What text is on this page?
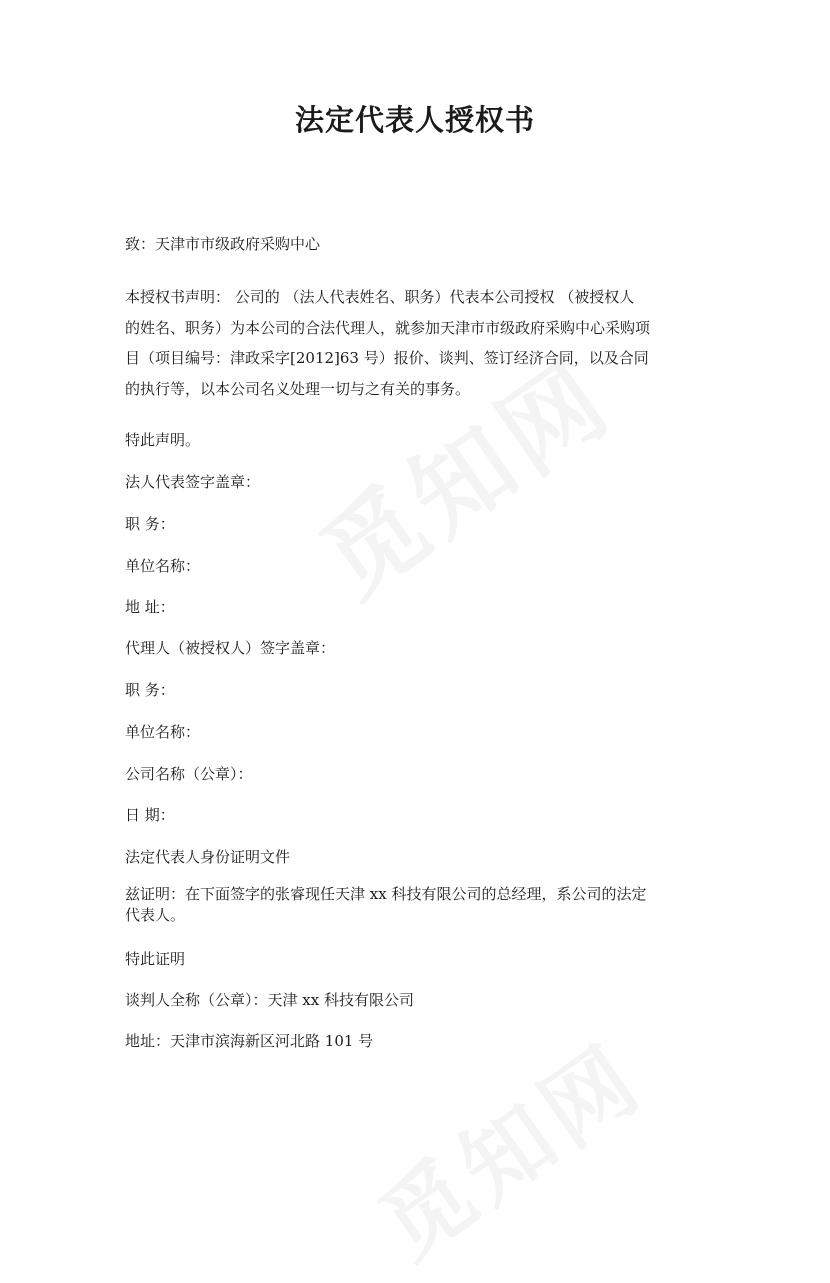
法定代表人授权书

致：天津市市级政府采购中心

本授权书声明： 公司的 （法人代表姓名、职务）代表本公司授权 （被授权人
的姓名、职务）为本公司的合法代理人，就参加天津市市级政府采购中心采购项
目（项目编号：津政采字[2012]63 号）报价、谈判、签订经济合同，以及合同
的执行等，以本公司名义处理一切与之有关的事务。

特此声明。

法人代表签字盖章：

职 务：

单位名称：

地 址：

代理人（被授权人）签字盖章：

职 务：

单位名称：

公司名称（公章）：

日 期：

法定代表人身份证明文件

兹证明：在下面签字的张睿现任天津 xx 科技有限公司的总经理，系公司的法定
代表人。

特此证明

谈判人全称（公章）：天津 xx 科技有限公司

地址：天津市滨海新区河北路 101 号
